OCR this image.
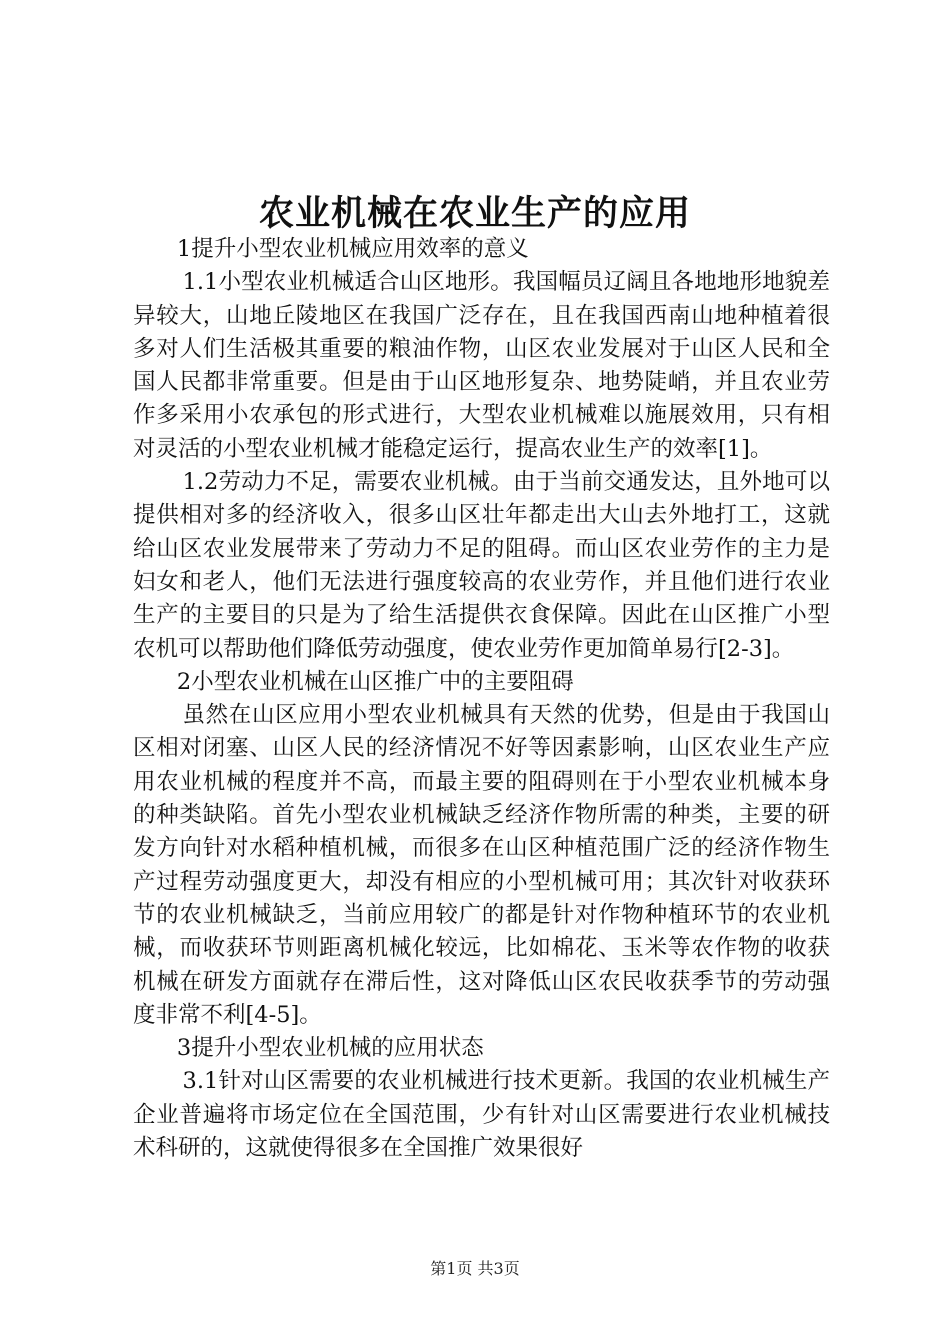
农业机械在农业生产的应用

1提升小型农业机械应用效率的意义

1.1小型农业机械适合山区地形。我国幅员辽阔且各地地形地貌差异较大，山地丘陵地区在我国广泛存在，且在我国西南山地种植着很多对人们生活极其重要的粮油作物，山区农业发展对于山区人民和全国人民都非常重要。但是由于山区地形复杂、地势陡峭，并且农业劳作多采用小农承包的形式进行，大型农业机械难以施展效用，只有相对灵活的小型农业机械才能稳定运行，提高农业生产的效率[1]。

1.2劳动力不足，需要农业机械。由于当前交通发达，且外地可以提供相对多的经济收入，很多山区壮年都走出大山去外地打工，这就给山区农业发展带来了劳动力不足的阻碍。而山区农业劳作的主力是妇女和老人，他们无法进行强度较高的农业劳作，并且他们进行农业生产的主要目的只是为了给生活提供衣食保障。因此在山区推广小型农机可以帮助他们降低劳动强度，使农业劳作更加简单易行[2-3]。

2小型农业机械在山区推广中的主要阻碍

虽然在山区应用小型农业机械具有天然的优势，但是由于我国山区相对闭塞、山区人民的经济情况不好等因素影响，山区农业生产应用农业机械的程度并不高，而最主要的阻碍则在于小型农业机械本身的种类缺陷。首先小型农业机械缺乏经济作物所需的种类，主要的研发方向针对水稻种植机械，而很多在山区种植范围广泛的经济作物生产过程劳动强度更大，却没有相应的小型机械可用；其次针对收获环节的农业机械缺乏，当前应用较广的都是针对作物种植环节的农业机械，而收获环节则距离机械化较远，比如棉花、玉米等农作物的收获机械在研发方面就存在滞后性，这对降低山区农民收获季节的劳动强度非常不利[4-5]。

3提升小型农业机械的应用状态

3.1针对山区需要的农业机械进行技术更新。我国的农业机械生产企业普遍将市场定位在全国范围，少有针对山区需要进行农业机械技术科研的，这就使得很多在全国推广效果很好

第1页 共3页
